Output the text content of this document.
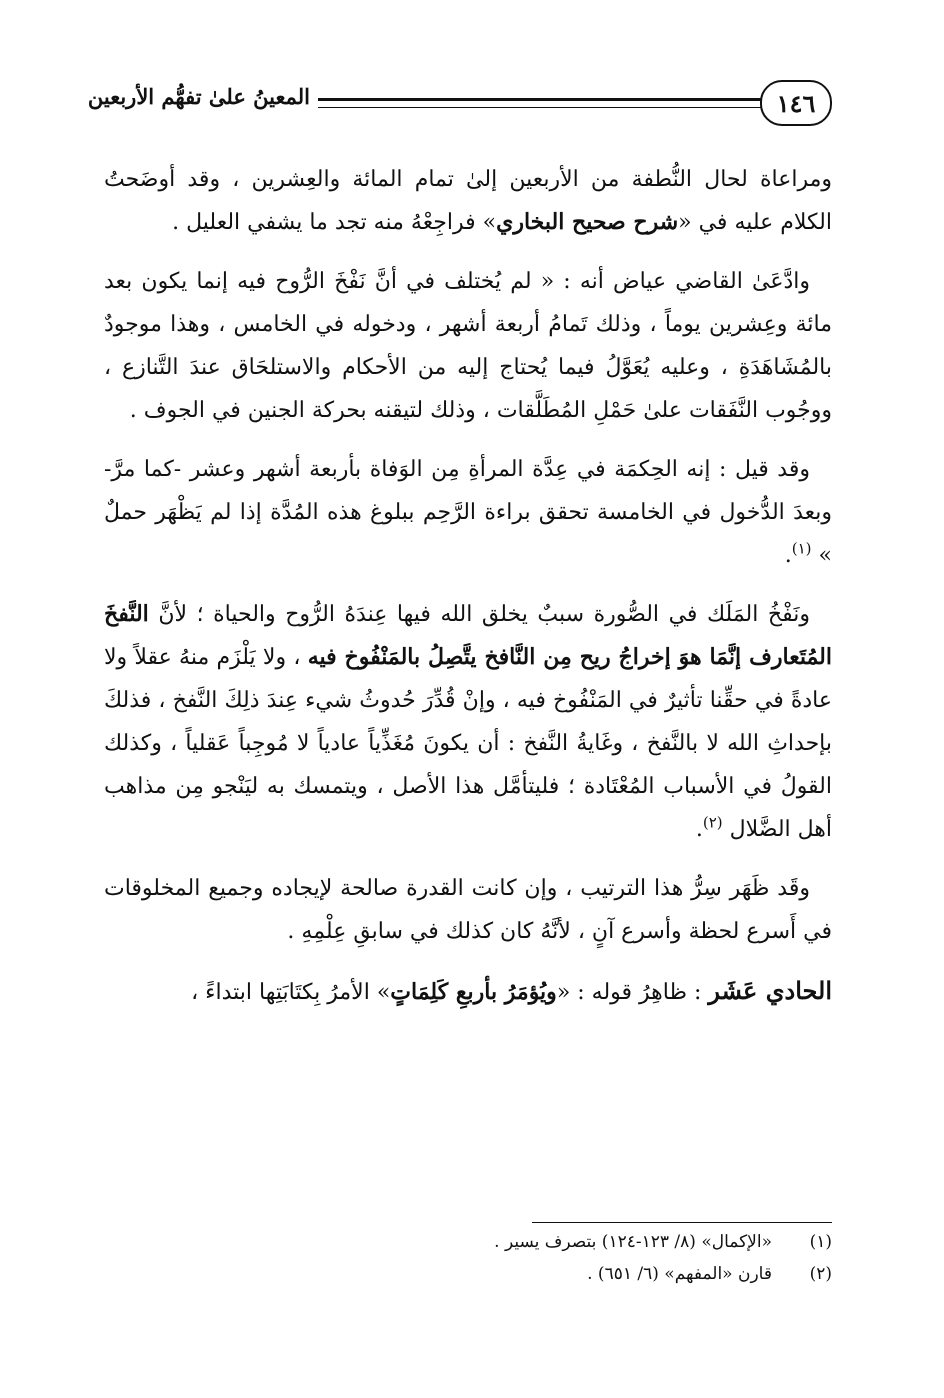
١٤٦
المعينُ علىٰ تفهُّم الأربعين

ومراعاة لحال النُّطفة من الأربعين إلىٰ تمام المائة والعِشرين ، وقد أوضَحتُ الكلام عليه في «شرح صحيح البخاري» فراجِعْهُ منه تجد ما يشفي العليل .

وادَّعَىٰ القاضي عياض أنه : « لم يُختلف في أنَّ نَفْخَ الرُّوح فيه إنما يكون بعد مائة وعِشرين يوماً ، وذلك تَمامُ أربعة أشهر ، ودخوله في الخامس ، وهذا موجودٌ بالمُشَاهَدَةِ ، وعليه يُعَوَّلُ فيما يُحتاج إليه من الأحكام والاستلحَاق عندَ التَّنازع ، ووجُوب النَّفَقات علىٰ حَمْلِ المُطَلَّقات ، وذلك لتيقنه بحركة الجنين في الجوف .

وقد قيل : إنه الحِكمَة في عِدَّة المرأةِ مِن الوَفاة بأربعة أشهر وعشر -كما مرَّ- وبعدَ الدُّخول في الخامسة تحقق براءة الرَّحِم ببلوغ هذه المُدَّة إذا لم يَظْهَر حملٌ » $^{(١)}$.

ونَفْخُ المَلَك في الصُّورة سببٌ يخلق الله فيها عِندَهُ الرُّوح والحياة ؛ لأنَّ النَّفخَ المُتَعارف إنَّمَا هوَ إخراجُ ريح مِن النَّافخ يتَّصِلُ بالمَنْفُوخ فيه ، ولا يَلْزَم منهُ عقلاً ولا عادةً في حقِّنا تأثيرٌ في المَنْفُوخ فيه ، وإنْ قُدِّرَ حُدوثُ شيء عِندَ ذلِكَ النَّفخ ، فذلكَ بإحداثِ الله لا بالنَّفخ ، وغَايةُ النَّفخ : أن يكونَ مُغَذِّياً عادياً لا مُوجِباً عَقلياً ، وكذلك القولُ في الأسباب المُعْتَادة ؛ فليتأمَّل هذا الأصل ، ويتمسك به ليَنْجو مِن مذاهب أهل الضَّلال $^{(٢)}$.

وقَد ظَهَر سِرُّ هذا الترتيب ، وإن كانت القدرة صالحة لإيجاده وجميع المخلوقات في أَسرع لحظة وأسرع آنٍ ، لأنَّهُ كان كذلك في سابقِ عِلْمِهِ .

الحادي عَشَر : ظاهِرُ قوله : «ويُؤمَرُ بأربعِ كَلِمَاتٍ» الأمرُ بِكتَابَتِها ابتداءً ،

(١)
«الإكمال» (٨/ ١٢٣-١٢٤) بتصرف يسير .
(٢)
قارن «المفهم» (٦/ ٦٥١) .
